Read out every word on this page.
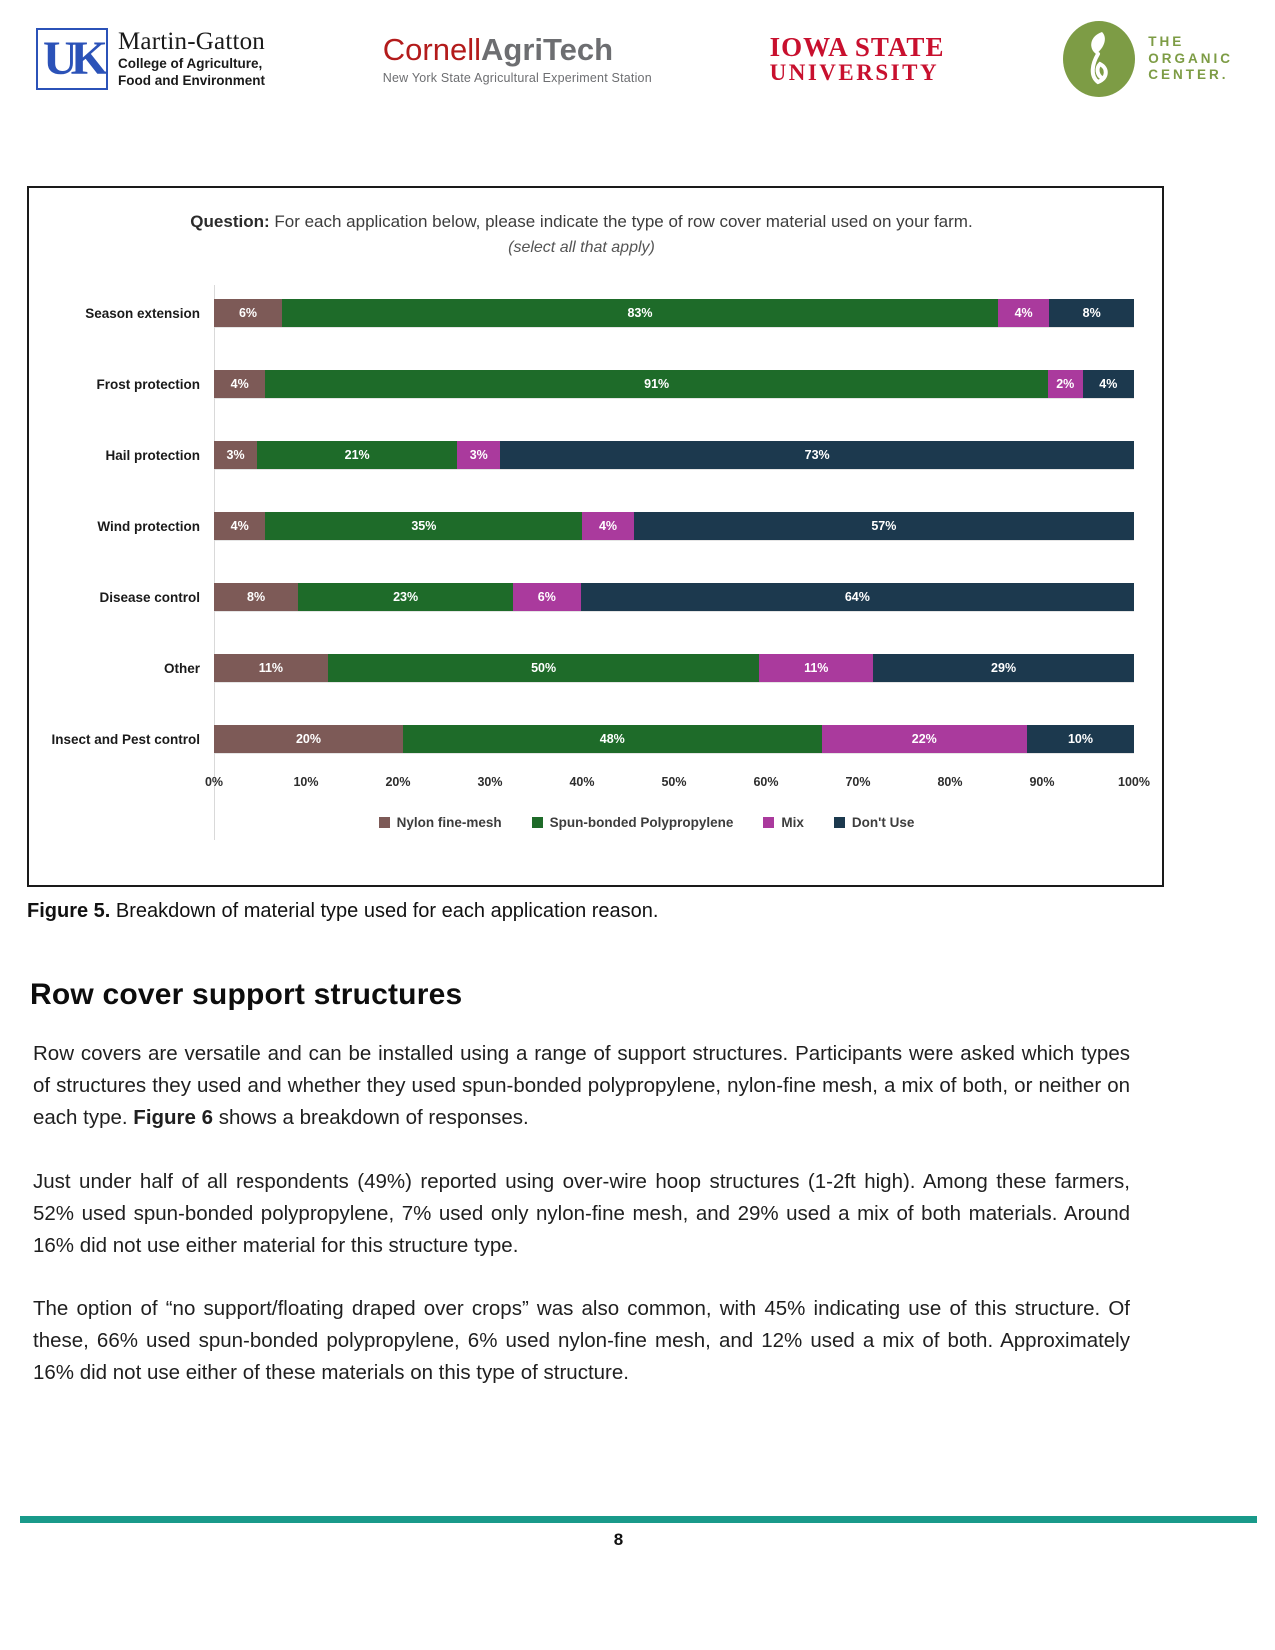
UK Martin-Gatton
College of Agriculture,
Food and Environment
CornellAgriTech
New York State Agricultural Experiment Station
IOWA STATE
UNIVERSITY
THE
ORGANIC
CENTER.
Question: For each application below, please indicate the type of row cover material used on your farm.
(select all that apply)
Season extension	6%	83%	4%	8%
Frost protection	4%	91%	2% 4%
Hail protection	3%	21%	3%	73%
Wind protection	4%	35%	4%	57%
Disease control	8%	23%	6%	64%
Other	11%	50%	11%	29%
Insect and Pest control	20%	48%	22%	10%
0%	10%	20%	30%	40%	50%	60%	70%	80%	90%	100%
Nylon fine-mesh	Spun-bonded Polypropylene	Mix	Don't Use
Figure 5. Breakdown of material type used for each application reason.
Row cover support structures

Row covers are versatile and can be installed using a range of support structures. Participants were asked which types of structures they used and whether they used spun-bonded polypropylene, nylon-fine mesh, a mix of both, or neither on each type. Figure 6 shows a breakdown of responses.

Just under half of all respondents (49%) reported using over-wire hoop structures (1-2ft high). Among these farmers, 52% used spun-bonded polypropylene, 7% used only nylon-fine mesh, and 29% used a mix of both materials. Around 16% did not use either material for this structure type.

The option of “no support/floating draped over crops” was also common, with 45% indicating use of this structure. Of these, 66% used spun-bonded polypropylene, 6% used nylon-fine mesh, and 12% used a mix of both. Approximately 16% did not use either of these materials on this type of structure.

8
